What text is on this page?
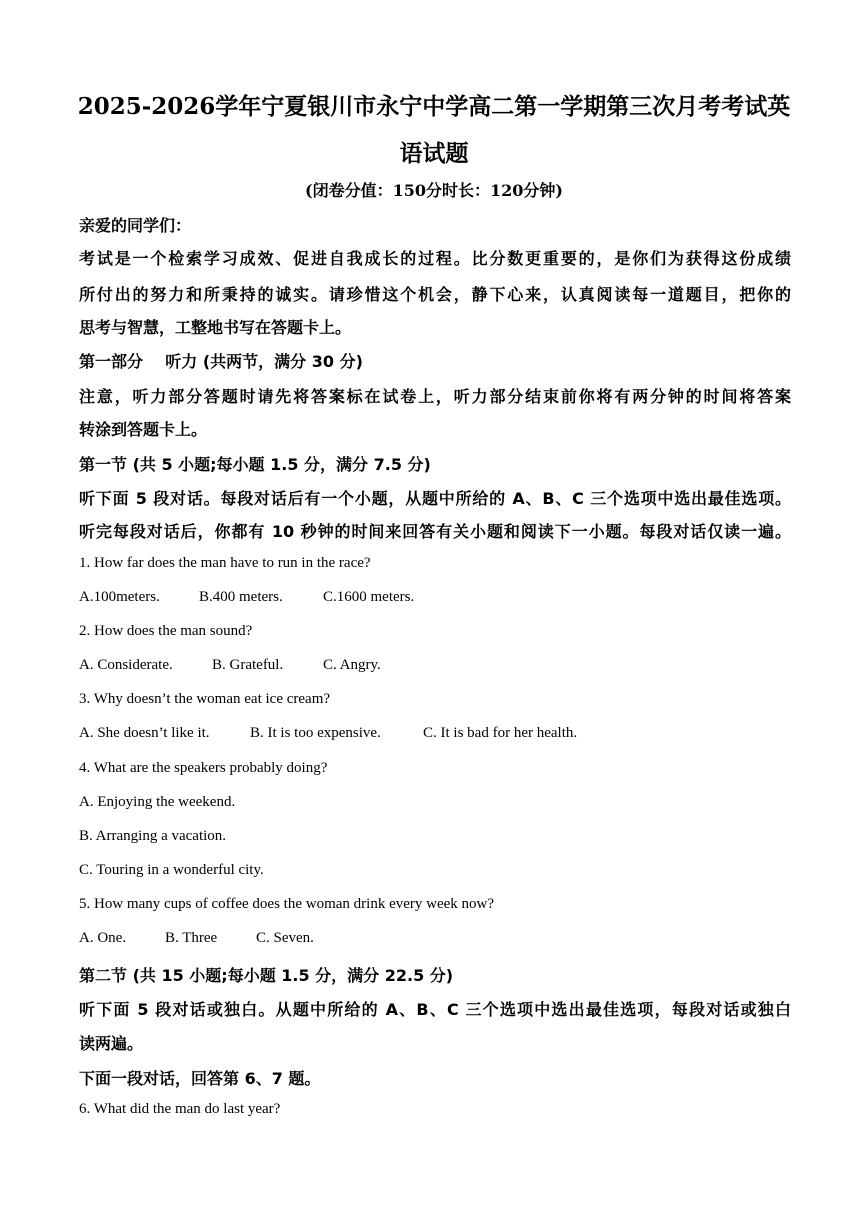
2025-2026学年宁夏银川市永宁中学高二第一学期第三次月考考试英
语试题
(闭卷分值：150分时长：120分钟)
亲爱的同学们：
考试是一个检索学习成效、促进自我成长的过程。比分数更重要的，是你们为获得这份成绩
所付出的努力和所秉持的诚实。请珍惜这个机会，静下心来，认真阅读每一道题目，把你的
思考与智慧，工整地书写在答题卡上。
第一部分    听力 (共两节，满分 30 分)
注意，听力部分答题时请先将答案标在试卷上，听力部分结束前你将有两分钟的时间将答案
转涂到答题卡上。
第一节 (共 5 小题;每小题 1.5 分，满分 7.5 分)
听下面 5 段对话。每段对话后有一个小题，从题中所给的 A、B、C 三个选项中选出最佳选项。
听完每段对话后，你都有 10 秒钟的时间来回答有关小题和阅读下一小题。每段对话仅读一遍。
1. How far does the man have to run in the race?
A.100meters.	B.400 meters.	C.1600 meters.
2. How does the man sound?
A. Considerate.	B. Grateful.	C. Angry.
3. Why doesn’t the woman eat ice cream?
A. She doesn’t like it.	B. It is too expensive.	C. It is bad for her health.
4. What are the speakers probably doing?
A. Enjoying the weekend.
B. Arranging a vacation.
C. Touring in a wonderful city.
5. How many cups of coffee does the woman drink every week now?
A. One.	B. Three	C. Seven.
第二节 (共 15 小题;每小题 1.5 分，满分 22.5 分)
听下面 5 段对话或独白。从题中所给的 A、B、C 三个选项中选出最佳选项，每段对话或独白
读两遍。
下面一段对话，回答第 6、7 题。
6. What did the man do last year?
